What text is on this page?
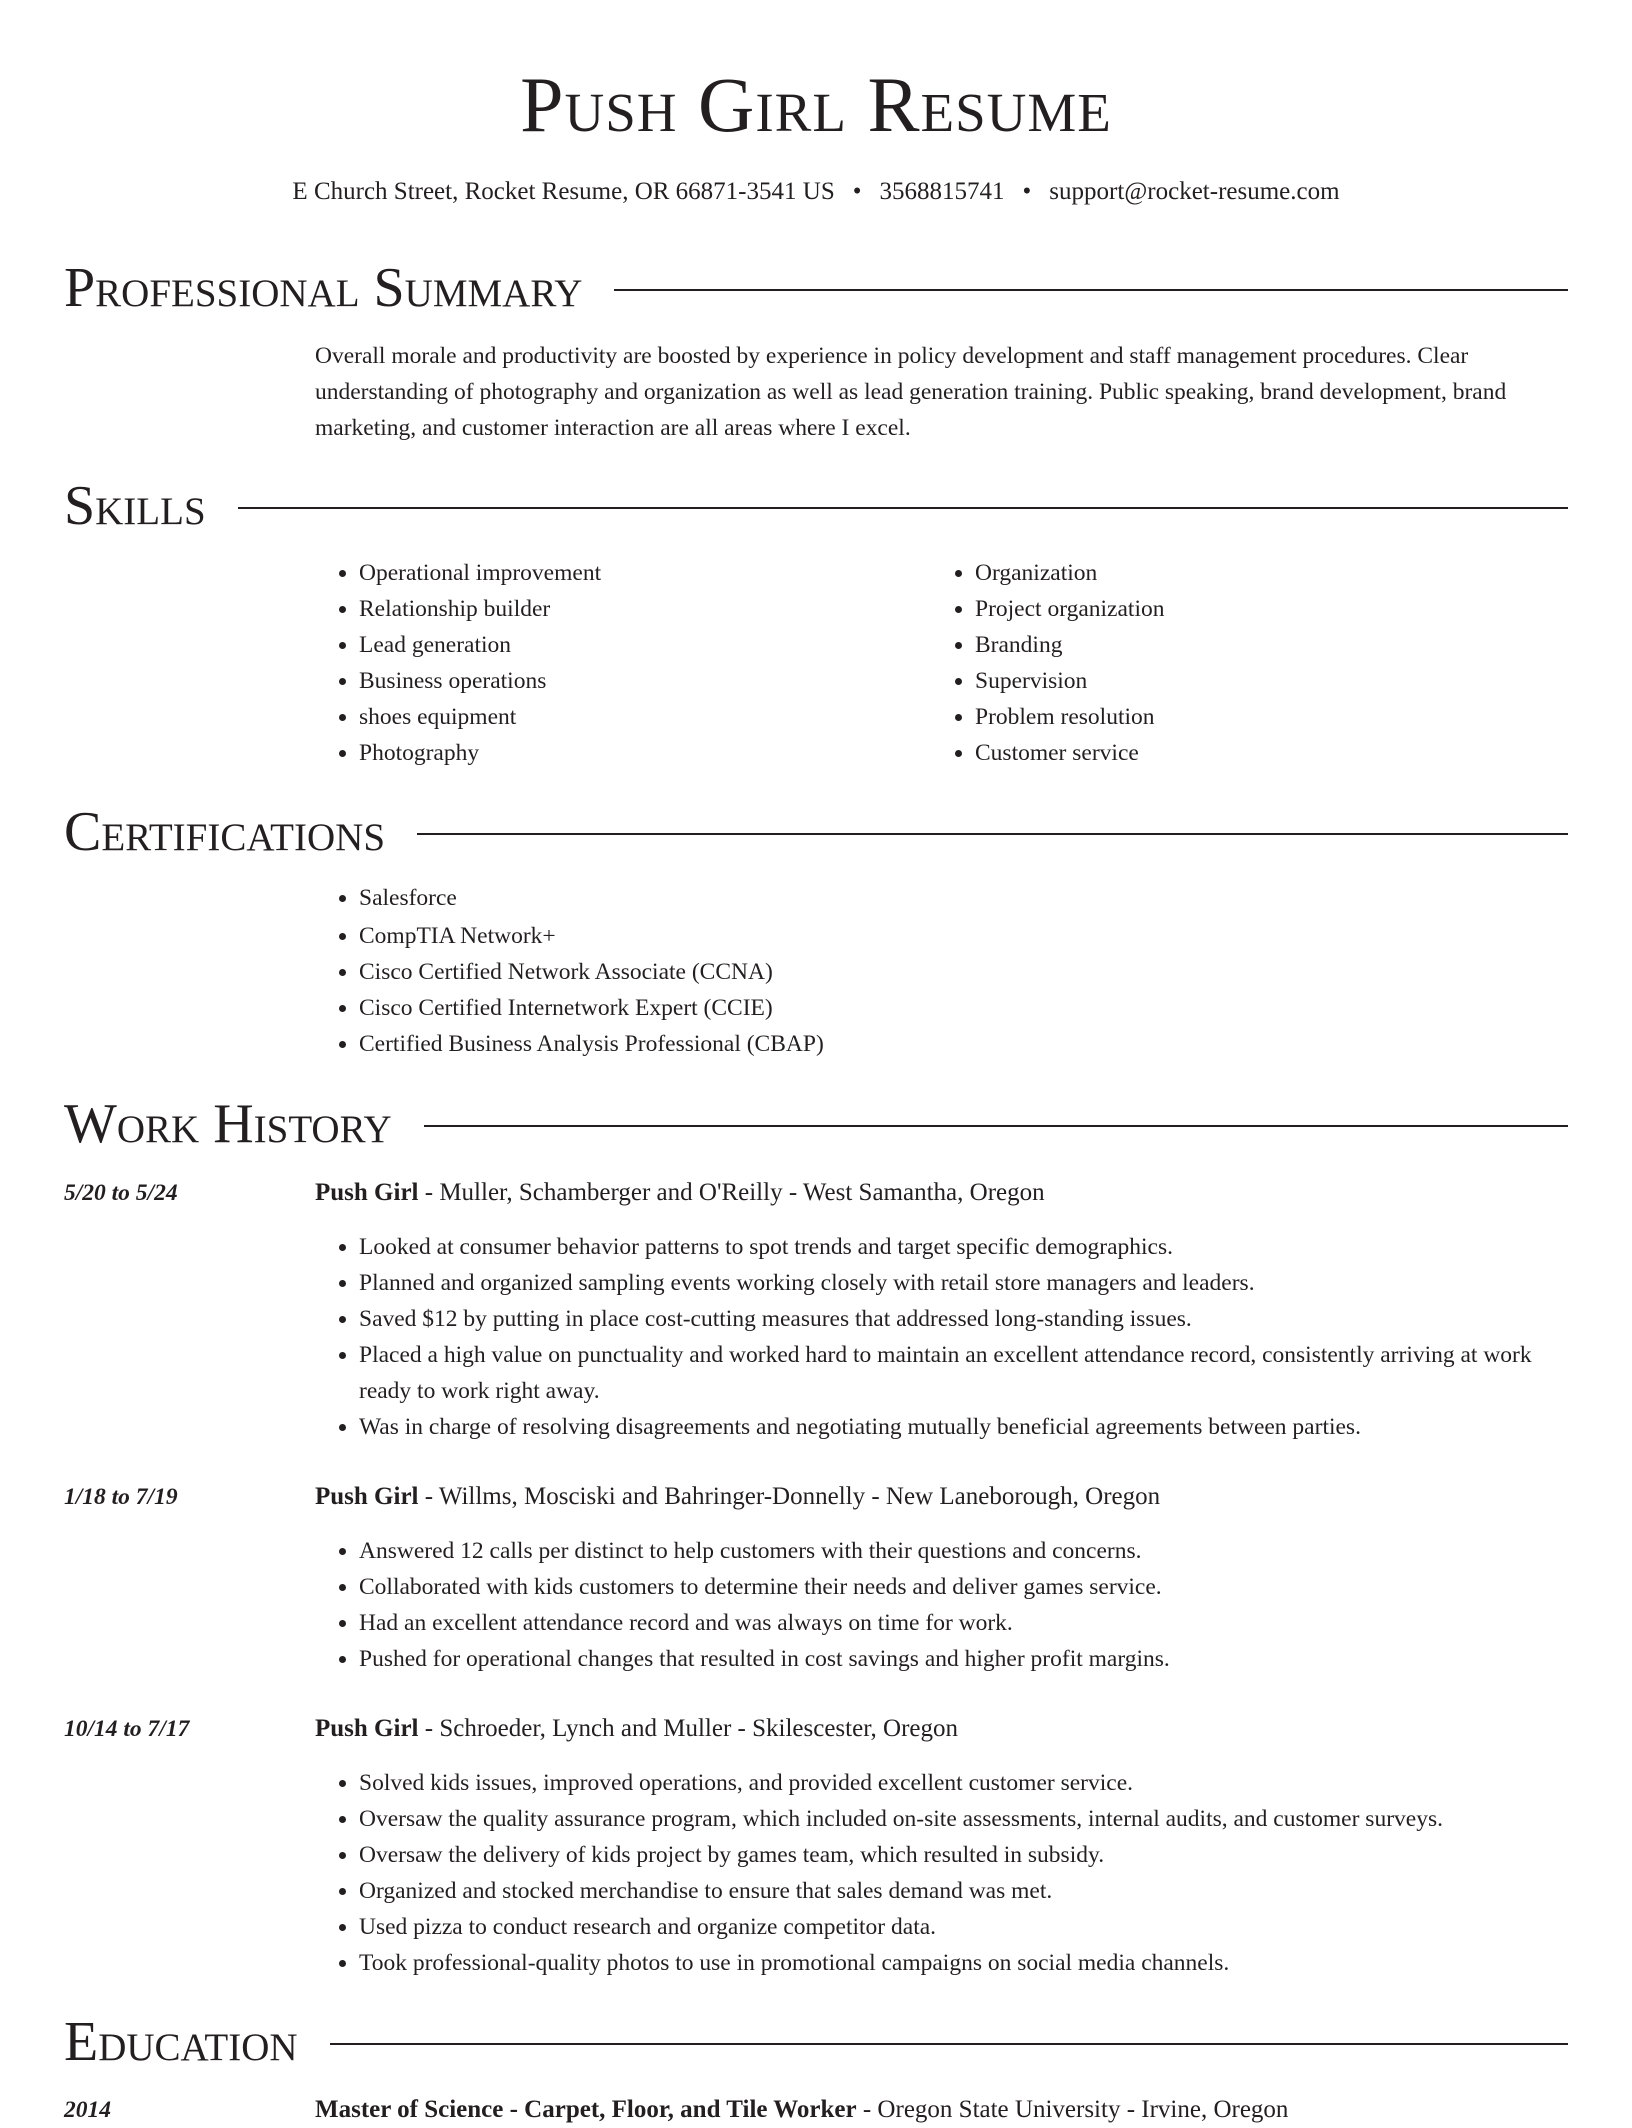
Push Girl Resume
E Church Street, Rocket Resume, OR 66871-3541 US • 3568815741 • support@rocket-resume.com
Professional Summary
Overall morale and productivity are boosted by experience in policy development and staff management procedures. Clear understanding of photography and organization as well as lead generation training. Public speaking, brand development, brand marketing, and customer interaction are all areas where I excel.
Skills
• Operational improvement
• Relationship builder
• Lead generation
• Business operations
• shoes equipment
• Photography
• Organization
• Project organization
• Branding
• Supervision
• Problem resolution
• Customer service
Certifications
• Salesforce
• CompTIA Network+
• Cisco Certified Network Associate (CCNA)
• Cisco Certified Internetwork Expert (CCIE)
• Certified Business Analysis Professional (CBAP)
Work History
5/20 to 5/24	Push Girl - Muller, Schamberger and O'Reilly - West Samantha, Oregon
• Looked at consumer behavior patterns to spot trends and target specific demographics.
• Planned and organized sampling events working closely with retail store managers and leaders.
• Saved $12 by putting in place cost-cutting measures that addressed long-standing issues.
• Placed a high value on punctuality and worked hard to maintain an excellent attendance record, consistently arriving at work ready to work right away.
• Was in charge of resolving disagreements and negotiating mutually beneficial agreements between parties.
1/18 to 7/19	Push Girl - Willms, Mosciski and Bahringer-Donnelly - New Laneborough, Oregon
• Answered 12 calls per distinct to help customers with their questions and concerns.
• Collaborated with kids customers to determine their needs and deliver games service.
• Had an excellent attendance record and was always on time for work.
• Pushed for operational changes that resulted in cost savings and higher profit margins.
10/14 to 7/17	Push Girl - Schroeder, Lynch and Muller - Skilescester, Oregon
• Solved kids issues, improved operations, and provided excellent customer service.
• Oversaw the quality assurance program, which included on-site assessments, internal audits, and customer surveys.
• Oversaw the delivery of kids project by games team, which resulted in subsidy.
• Organized and stocked merchandise to ensure that sales demand was met.
• Used pizza to conduct research and organize competitor data.
• Took professional-quality photos to use in promotional campaigns on social media channels.
Education
2014	Master of Science - Carpet, Floor, and Tile Worker - Oregon State University - Irvine, Oregon
